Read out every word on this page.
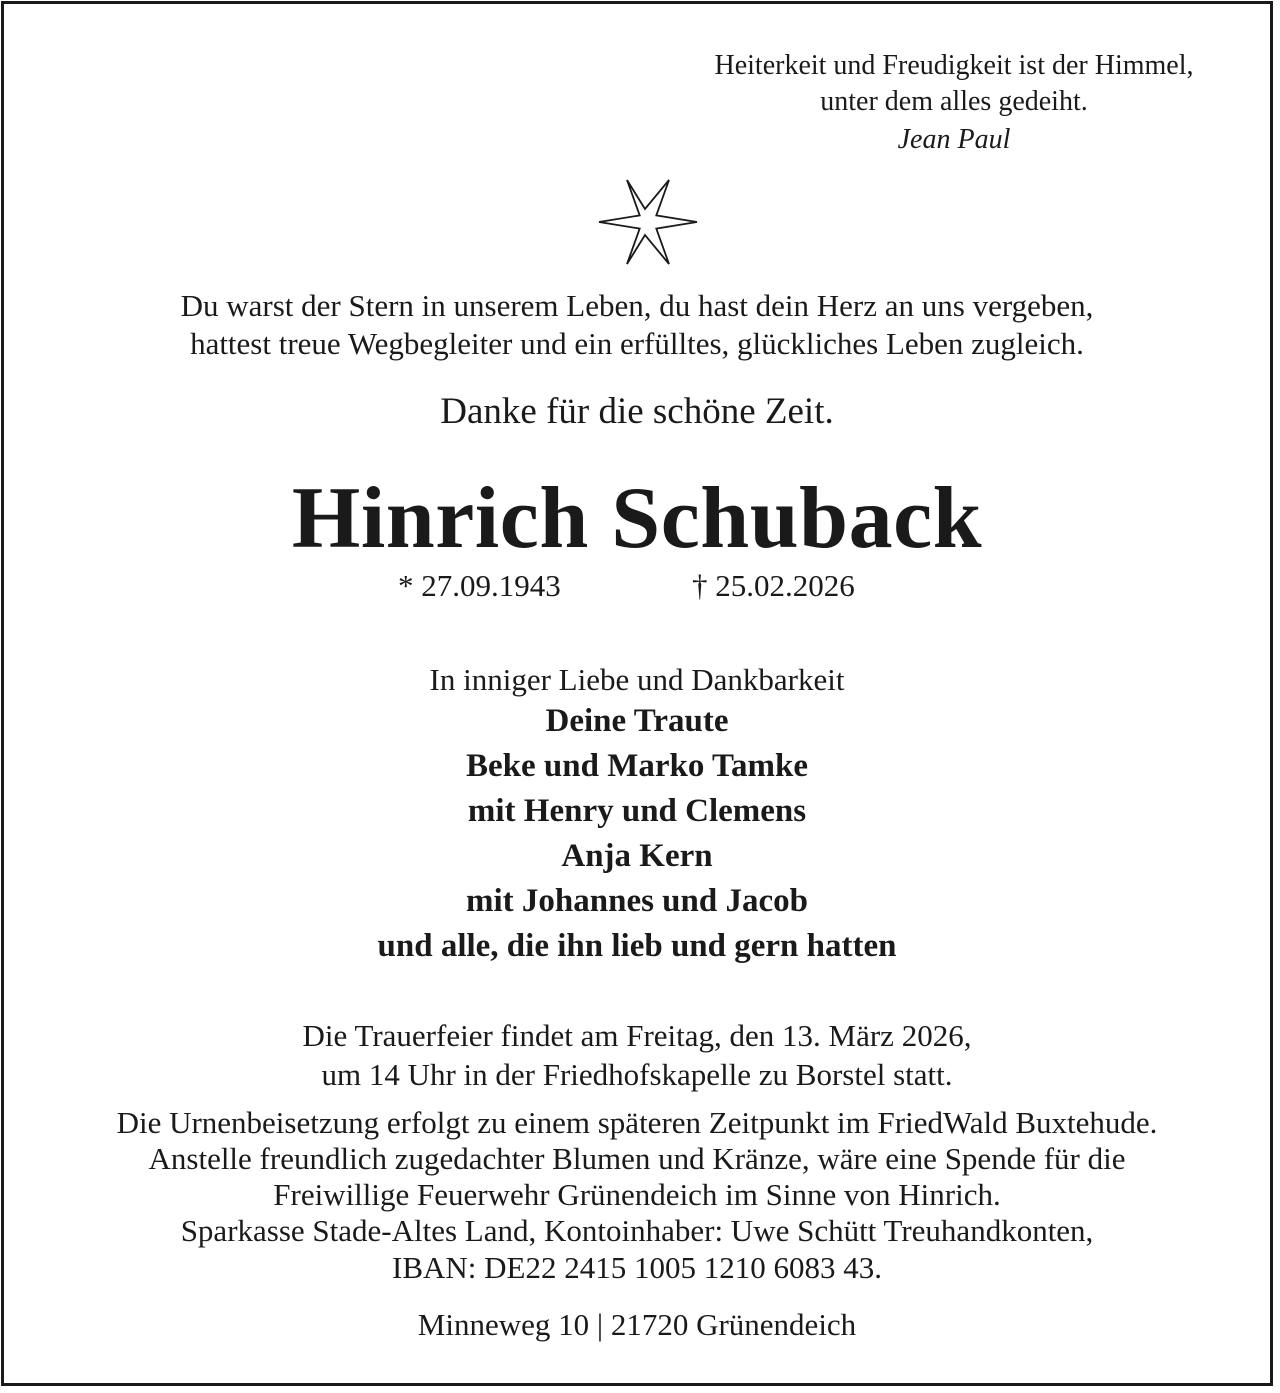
Heiterkeit und Freudigkeit ist der Himmel,
unter dem alles gedeiht.
Jean Paul
Du warst der Stern in unserem Leben, du hast dein Herz an uns vergeben,
hattest treue Wegbegleiter und ein erfülltes, glückliches Leben zugleich.
Danke für die schöne Zeit.
Hinrich Schuback
* 27.09.1943	† 25.02.2026
In inniger Liebe und Dankbarkeit
Deine Traute
Beke und Marko Tamke
mit Henry und Clemens
Anja Kern
mit Johannes und Jacob
und alle, die ihn lieb und gern hatten
Die Trauerfeier findet am Freitag, den 13. März 2026,
um 14 Uhr in der Friedhofskapelle zu Borstel statt.
Die Urnenbeisetzung erfolgt zu einem späteren Zeitpunkt im FriedWald Buxtehude.
Anstelle freundlich zugedachter Blumen und Kränze, wäre eine Spende für die
Freiwillige Feuerwehr Grünendeich im Sinne von Hinrich.
Sparkasse Stade-Altes Land, Kontoinhaber: Uwe Schütt Treuhandkonten,
IBAN: DE22 2415 1005 1210 6083 43.
Minneweg 10 | 21720 Grünendeich
